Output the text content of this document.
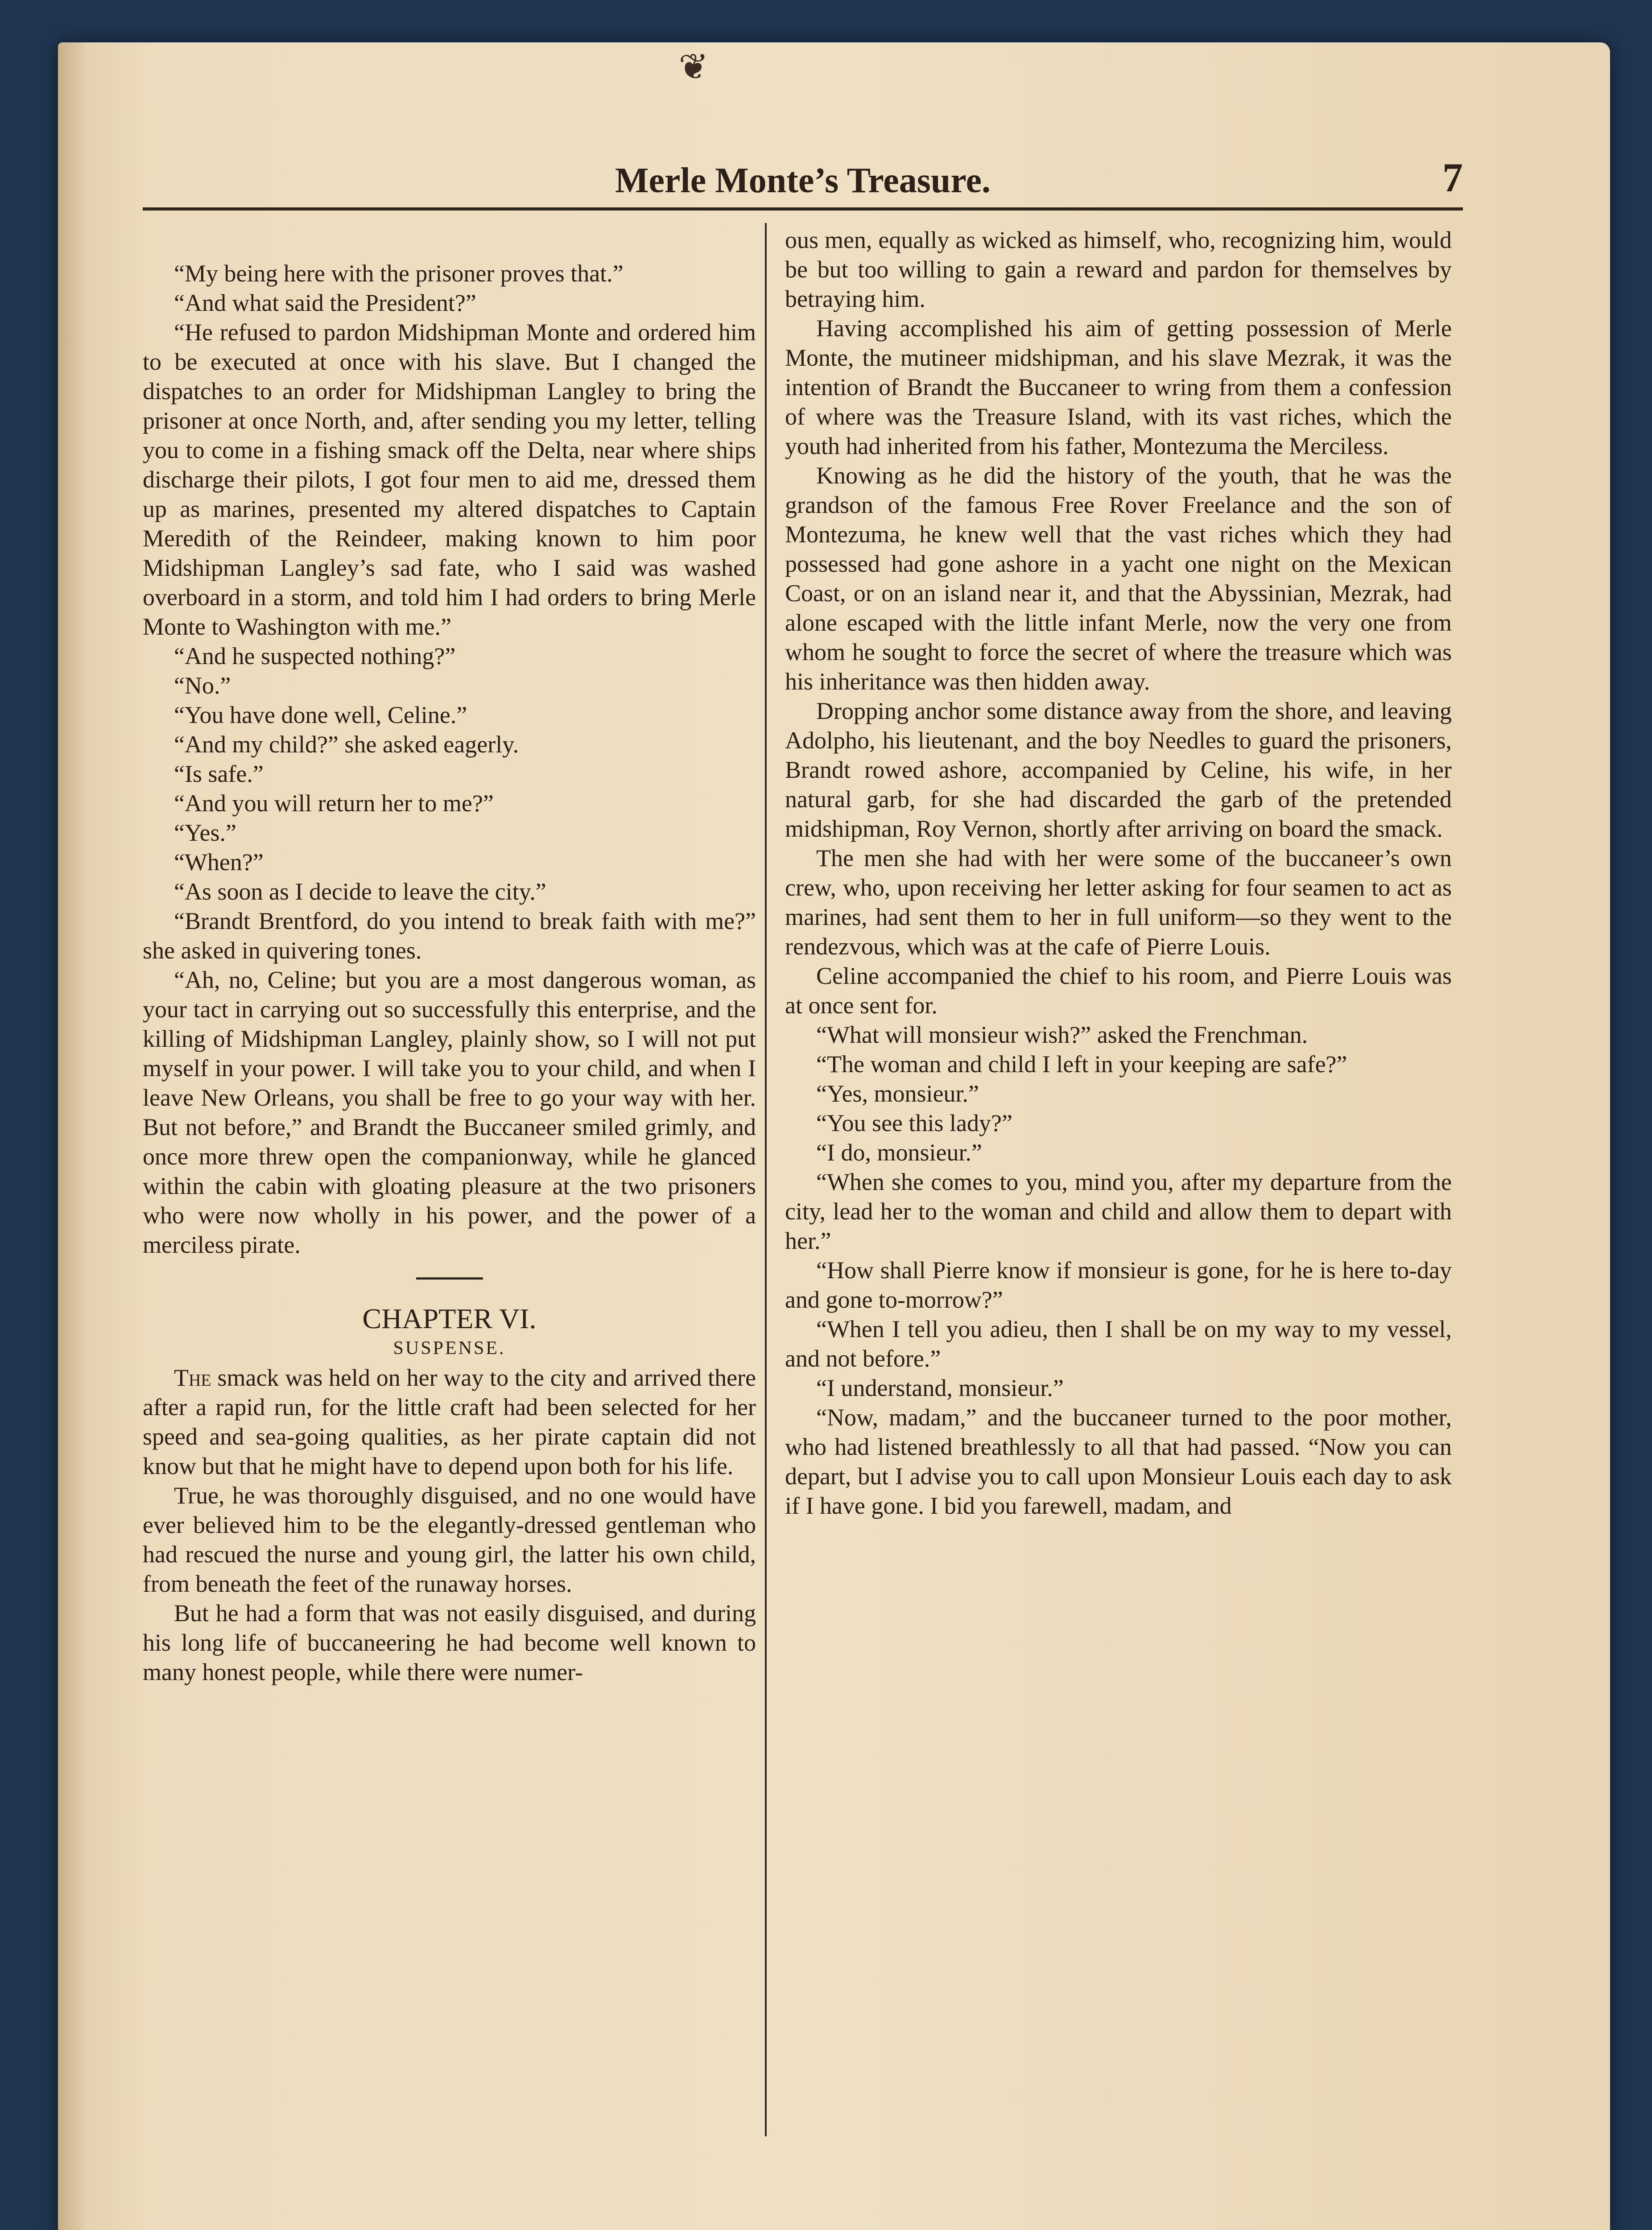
❦
Merle Monte’s Treasure.	7

“My being here with the prisoner proves that.”

“And what said the President?”

“He refused to pardon Midshipman Monte and ordered him to be executed at once with his slave. But I changed the dispatches to an order for Midshipman Langley to bring the prisoner at once North, and, after sending you my letter, telling you to come in a fishing smack off the Delta, near where ships discharge their pilots, I got four men to aid me, dressed them up as marines, presented my altered dispatches to Captain Meredith of the Reindeer, making known to him poor Midshipman Langley’s sad fate, who I said was washed overboard in a storm, and told him I had orders to bring Merle Monte to Washington with me.”

“And he suspected nothing?”

“No.”

“You have done well, Celine.”

“And my child?” she asked eagerly.

“Is safe.”

“And you will return her to me?”

“Yes.”

“When?”

“As soon as I decide to leave the city.”

“Brandt Brentford, do you intend to break faith with me?” she asked in quivering tones.

“Ah, no, Celine; but you are a most dangerous woman, as your tact in carrying out so successfully this enterprise, and the killing of Midshipman Langley, plainly show, so I will not put myself in your power. I will take you to your child, and when I leave New Orleans, you shall be free to go your way with her. But not before,” and Brandt the Buccaneer smiled grimly, and once more threw open the companionway, while he glanced within the cabin with gloating pleasure at the two prisoners who were now wholly in his power, and the power of a merciless pirate.

CHAPTER VI.
SUSPENSE.

The smack was held on her way to the city and arrived there after a rapid run, for the little craft had been selected for her speed and sea-going qualities, as her pirate captain did not know but that he might have to depend upon both for his life.

True, he was thoroughly disguised, and no one would have ever believed him to be the elegantly-dressed gentleman who had rescued the nurse and young girl, the latter his own child, from beneath the feet of the runaway horses.

But he had a form that was not easily disguised, and during his long life of buccaneering he had become well known to many honest people, while there were numer-

ous men, equally as wicked as himself, who, recognizing him, would be but too willing to gain a reward and pardon for themselves by betraying him.

Having accomplished his aim of getting possession of Merle Monte, the mutineer midshipman, and his slave Mezrak, it was the intention of Brandt the Buccaneer to wring from them a confession of where was the Treasure Island, with its vast riches, which the youth had inherited from his father, Montezuma the Merciless.

Knowing as he did the history of the youth, that he was the grandson of the famous Free Rover Freelance and the son of Montezuma, he knew well that the vast riches which they had possessed had gone ashore in a yacht one night on the Mexican Coast, or on an island near it, and that the Abyssinian, Mezrak, had alone escaped with the little infant Merle, now the very one from whom he sought to force the secret of where the treasure which was his inheritance was then hidden away.

Dropping anchor some distance away from the shore, and leaving Adolpho, his lieutenant, and the boy Needles to guard the prisoners, Brandt rowed ashore, accompanied by Celine, his wife, in her natural garb, for she had discarded the garb of the pretended midshipman, Roy Vernon, shortly after arriving on board the smack.

The men she had with her were some of the buccaneer’s own crew, who, upon receiving her letter asking for four seamen to act as marines, had sent them to her in full uniform—so they went to the rendezvous, which was at the cafe of Pierre Louis.

Celine accompanied the chief to his room, and Pierre Louis was at once sent for.

“What will monsieur wish?” asked the Frenchman.

“The woman and child I left in your keeping are safe?”

“Yes, monsieur.”

“You see this lady?”

“I do, monsieur.”

“When she comes to you, mind you, after my departure from the city, lead her to the woman and child and allow them to depart with her.”

“How shall Pierre know if monsieur is gone, for he is here to-day and gone to-morrow?”

“When I tell you adieu, then I shall be on my way to my vessel, and not before.”

“I understand, monsieur.”

“Now, madam,” and the buccaneer turned to the poor mother, who had listened breathlessly to all that had passed. “Now you can depart, but I advise you to call upon Monsieur Louis each day to ask if I have gone. I bid you farewell, madam, and
